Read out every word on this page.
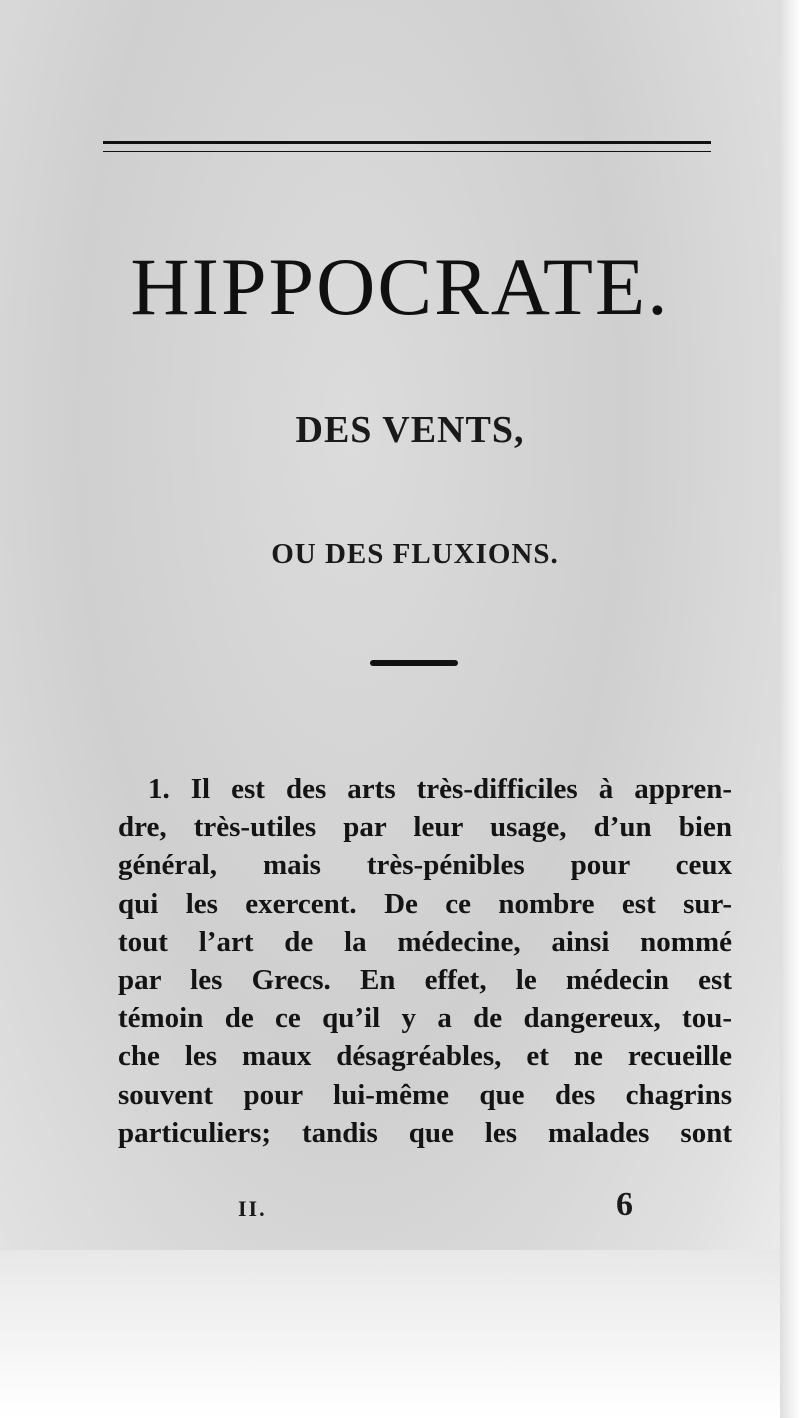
HIPPOCRATE.
DES VENTS,
OU DES FLUXIONS.
1. Il est des arts très-difficiles à appren-
dre, très-utiles par leur usage, d’un bien
général, mais très-pénibles pour ceux
qui les exercent. De ce nombre est sur-
tout l’art de la médecine, ainsi nommé
par les Grecs. En effet, le médecin est
témoin de ce qu’il y a de dangereux, tou-
che les maux désagréables, et ne recueille
souvent pour lui-même que des chagrins
particuliers; tandis que les malades sont
II.	6
